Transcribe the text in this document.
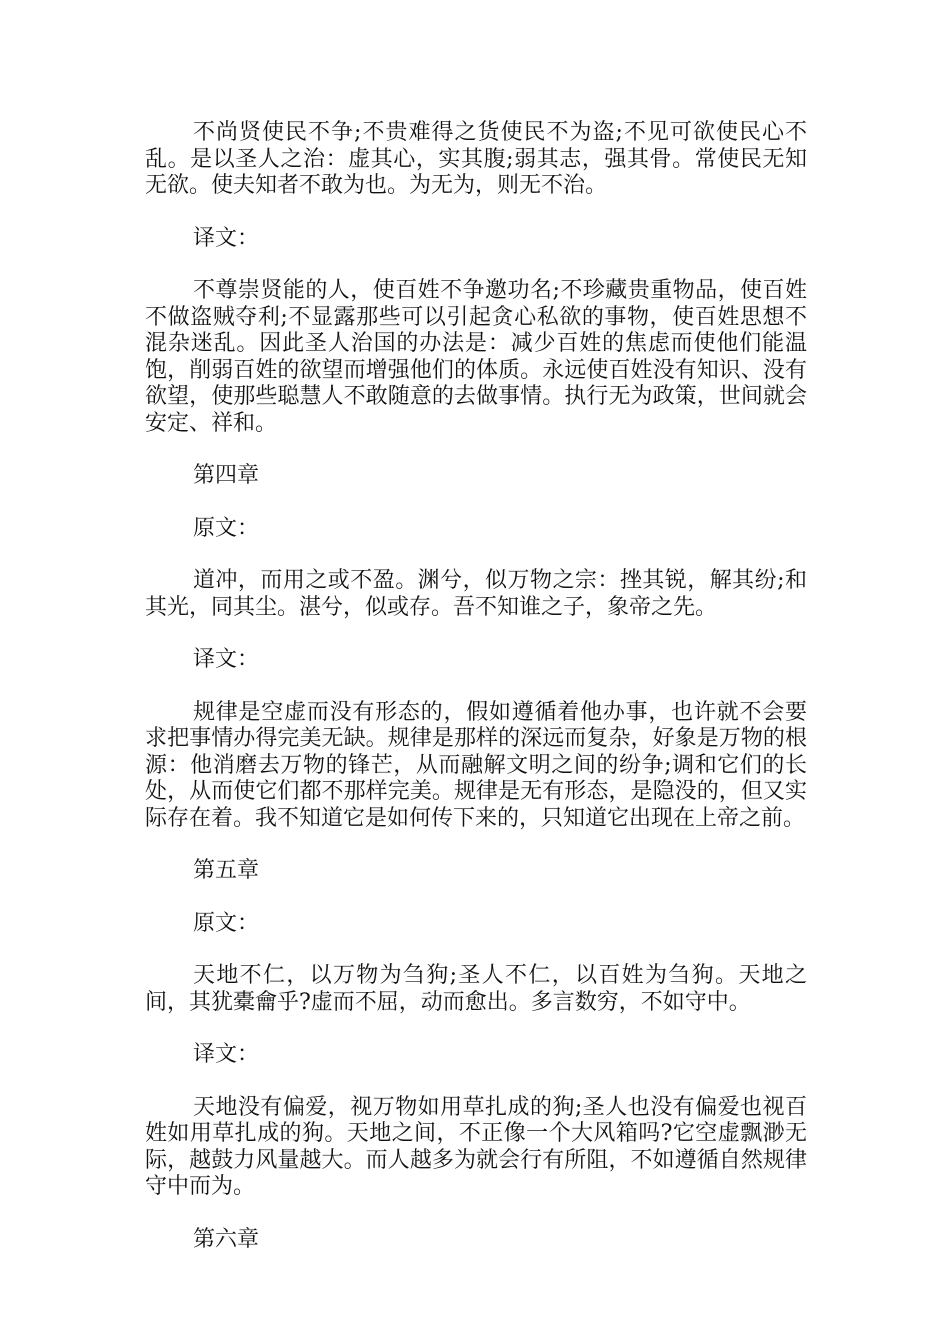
不尚贤使民不争;不贵难得之货使民不为盗;不见可欲使民心不乱。是以圣人之治：虚其心，实其腹;弱其志，强其骨。常使民无知无欲。使夫知者不敢为也。为无为，则无不治。

译文：

不尊崇贤能的人，使百姓不争邀功名;不珍藏贵重物品，使百姓不做盗贼夺利;不显露那些可以引起贪心私欲的事物，使百姓思想不混杂迷乱。因此圣人治国的办法是：减少百姓的焦虑而使他们能温饱，削弱百姓的欲望而增强他们的体质。永远使百姓没有知识、没有欲望，使那些聪慧人不敢随意的去做事情。执行无为政策，世间就会安定、祥和。

第四章

原文：

道冲，而用之或不盈。渊兮，似万物之宗：挫其锐，解其纷;和其光，同其尘。湛兮，似或存。吾不知谁之子，象帝之先。

译文：

规律是空虚而没有形态的，假如遵循着他办事，也许就不会要求把事情办得完美无缺。规律是那样的深远而复杂，好象是万物的根源：他消磨去万物的锋芒，从而融解文明之间的纷争;调和它们的长处，从而使它们都不那样完美。规律是无有形态，是隐没的，但又实际存在着。我不知道它是如何传下来的，只知道它出现在上帝之前。

第五章

原文：

天地不仁，以万物为刍狗;圣人不仁，以百姓为刍狗。天地之间，其犹橐龠乎?虚而不屈，动而愈出。多言数穷，不如守中。

译文：

天地没有偏爱，视万物如用草扎成的狗;圣人也没有偏爱也视百姓如用草扎成的狗。天地之间，不正像一个大风箱吗?它空虚飘渺无际，越鼓力风量越大。而人越多为就会行有所阻，不如遵循自然规律守中而为。

第六章
